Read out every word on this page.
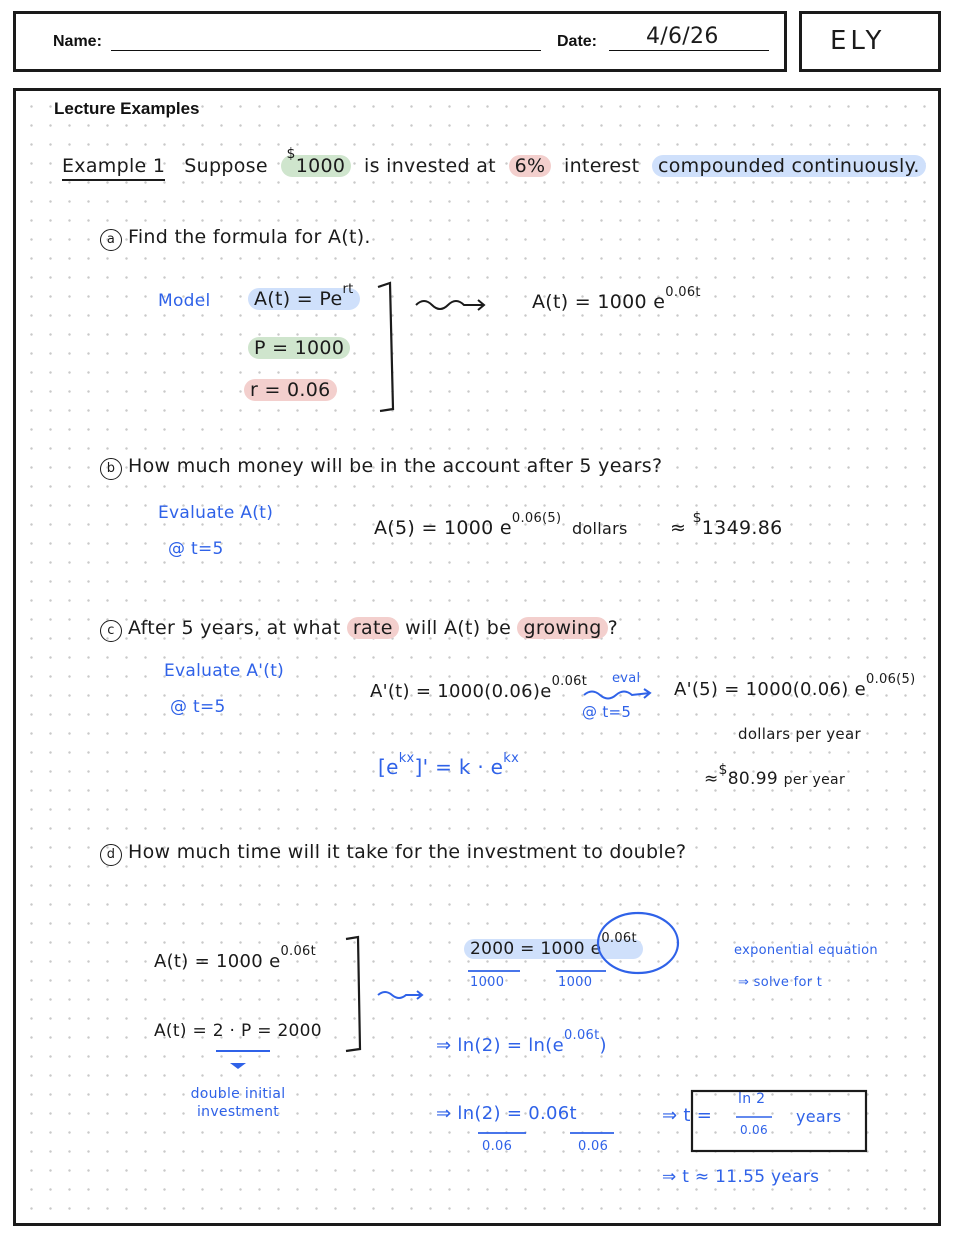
Name:	Date: 4/6/26	ELY
Lecture Examples
Example 1 Suppose  $1000 is invested at 6% interest compounded continuously.
a Find the formula for A(t).
Model	$A(t) = Pe^{rt}$
P = 1000
r = 0.06
A(t) = 1000 $e^{0.06t}$
b How much money will be in the account after 5 years?
Evaluate A(t)
@ t=5
A(5) = 1000 $e^{0.06(5)}$
dollars ≈ $1349.86
c After 5 years, at what rate will A(t) be growing ?
Evaluate A'(t)
@ t=5
$A'(t) = 1000(0.06)e^{0.06t}$ eval
@ t=5
A'(5) = 1000(0.06) $e^{0.06(5)}$
dollars per year
≈$80.99 per year
$[e^{kx}]' = k \cdot e^{kx}$
d How much time will it take for the investment to double?
A(t) = 1000 $e^{0.06t}$
A(t) = 2 · P = 2000
double initial investment
2000 = 1000 $e^{0.06t}$
1000	1000
exponential equation
⇒ solve for t
⇒ $\ln(2) = \ln(e^{0.06t})$
⇒ ln(2) = 0.06t
0.06	0.06
⇒ t =
ln 2
0.06
years
⇒ t ≈ 11.55 years
